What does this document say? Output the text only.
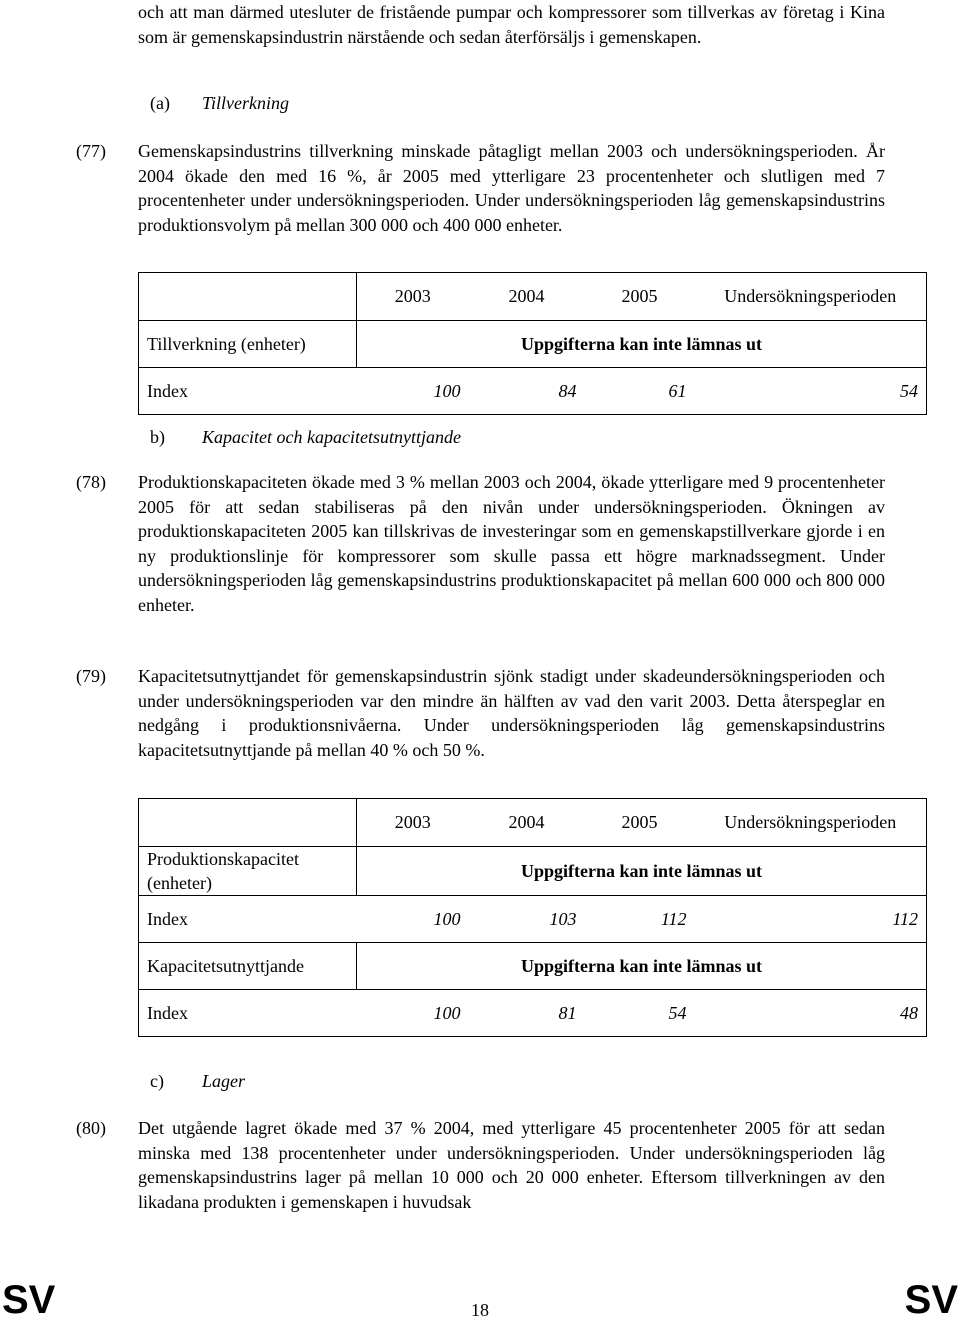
och att man därmed utesluter de fristående pumpar och kompressorer som tillverkas av företag i Kina som är gemenskapsindustrin närstående och sedan återförsäljs i gemenskapen.

(a) Tillverkning
(77) Gemenskapsindustrins tillverkning minskade påtagligt mellan 2003 och undersökningsperioden. År 2004 ökade den med 16 %, år 2005 med ytterligare 23 procentenheter och slutligen med 7 procentenheter under undersökningsperioden. Under undersökningsperioden låg gemenskapsindustrins produktionsvolym på mellan 300 000 och 400 000 enheter.

	2003	2004	2005	Undersökningsperioden
Tillverkning (enheter)	Uppgifterna kan inte lämnas ut			
Index	100	84	61	54
b) Kapacitet och kapacitetsutnyttjande
(78) Produktionskapaciteten ökade med 3 % mellan 2003 och 2004, ökade ytterligare med 9 procentenheter 2005 för att sedan stabiliseras på den nivån under undersökningsperioden. Ökningen av produktionskapaciteten 2005 kan tillskrivas de investeringar som en gemenskapstillverkare gjorde i en ny produktionslinje för kompressorer som skulle passa ett högre marknadssegment. Under undersökningsperioden låg gemenskapsindustrins produktionskapacitet på mellan 600 000 och 800 000 enheter.

(79) Kapacitetsutnyttjandet för gemenskapsindustrin sjönk stadigt under skadeundersökningsperioden och under undersökningsperioden var den mindre än hälften av vad den varit 2003. Detta återspeglar en nedgång i produktionsnivåerna. Under undersökningsperioden låg gemenskapsindustrins kapacitetsutnyttjande på mellan 40 % och 50 %.

	2003	2004	2005	Undersökningsperioden
Produktionskapacitet (enheter)	Uppgifterna kan inte lämnas ut			
Index	100	103	112	112
Kapacitetsutnyttjande	Uppgifterna kan inte lämnas ut			
Index	100	81	54	48
c) Lager
(80) Det utgående lagret ökade med 37 % 2004, med ytterligare 45 procentenheter 2005 för att sedan minska med 138 procentenheter under undersökningsperioden. Under undersökningsperioden låg gemenskapsindustrins lager på mellan 10 000 och 20 000 enheter. Eftersom tillverkningen av den likadana produkten i gemenskapen i huvudsak

SV	18	SV
